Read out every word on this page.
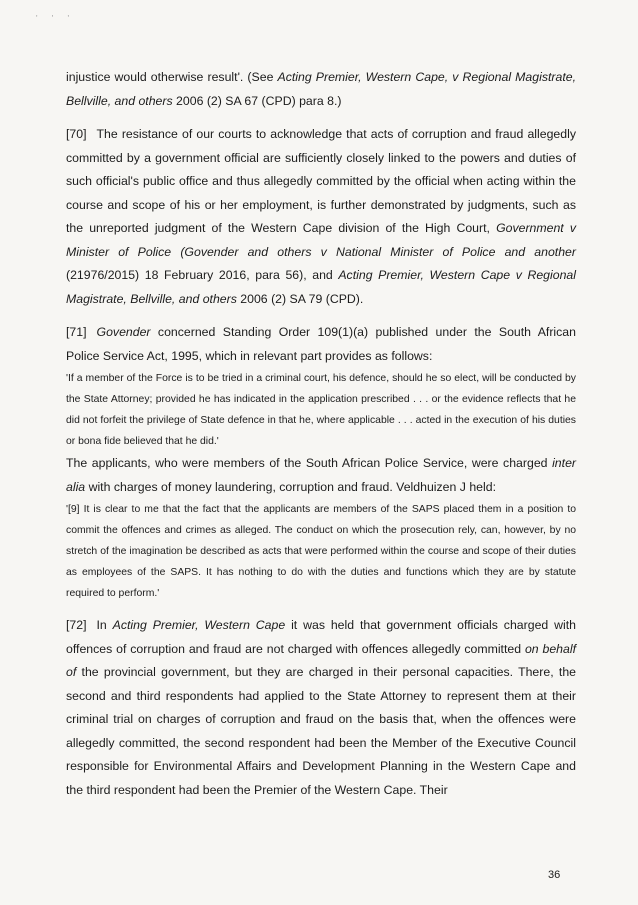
' ' '

injustice would otherwise result'. (See Acting Premier, Western Cape, v Regional Magistrate, Bellville, and others 2006 (2) SA 67 (CPD) para 8.)

[70] The resistance of our courts to acknowledge that acts of corruption and fraud allegedly committed by a government official are sufficiently closely linked to the powers and duties of such official's public office and thus allegedly committed by the official when acting within the course and scope of his or her employment, is further demonstrated by judgments, such as the unreported judgment of the Western Cape division of the High Court, Government v Minister of Police (Govender and others v National Minister of Police and another (21976/2015) 18 February 2016, para 56), and Acting Premier, Western Cape v Regional Magistrate, Bellville, and others 2006 (2) SA 79 (CPD).

[71] Govender concerned Standing Order 109(1)(a) published under the South African Police Service Act, 1995, which in relevant part provides as follows:

'If a member of the Force is to be tried in a criminal court, his defence, should he so elect, will be conducted by the State Attorney; provided he has indicated in the application prescribed . . . or the evidence reflects that he did not forfeit the privilege of State defence in that he, where applicable . . . acted in the execution of his duties or bona fide believed that he did.'

The applicants, who were members of the South African Police Service, were charged inter alia with charges of money laundering, corruption and fraud. Veldhuizen J held:

'[9] It is clear to me that the fact that the applicants are members of the SAPS placed them in a position to commit the offences and crimes as alleged. The conduct on which the prosecution rely, can, however, by no stretch of the imagination be described as acts that were performed within the course and scope of their duties as employees of the SAPS. It has nothing to do with the duties and functions which they are by statute required to perform.'

[72] In Acting Premier, Western Cape it was held that government officials charged with offences of corruption and fraud are not charged with offences allegedly committed on behalf of the provincial government, but they are charged in their personal capacities. There, the second and third respondents had applied to the State Attorney to represent them at their criminal trial on charges of corruption and fraud on the basis that, when the offences were allegedly committed, the second respondent had been the Member of the Executive Council responsible for Environmental Affairs and Development Planning in the Western Cape and the third respondent had been the Premier of the Western Cape. Their

36
